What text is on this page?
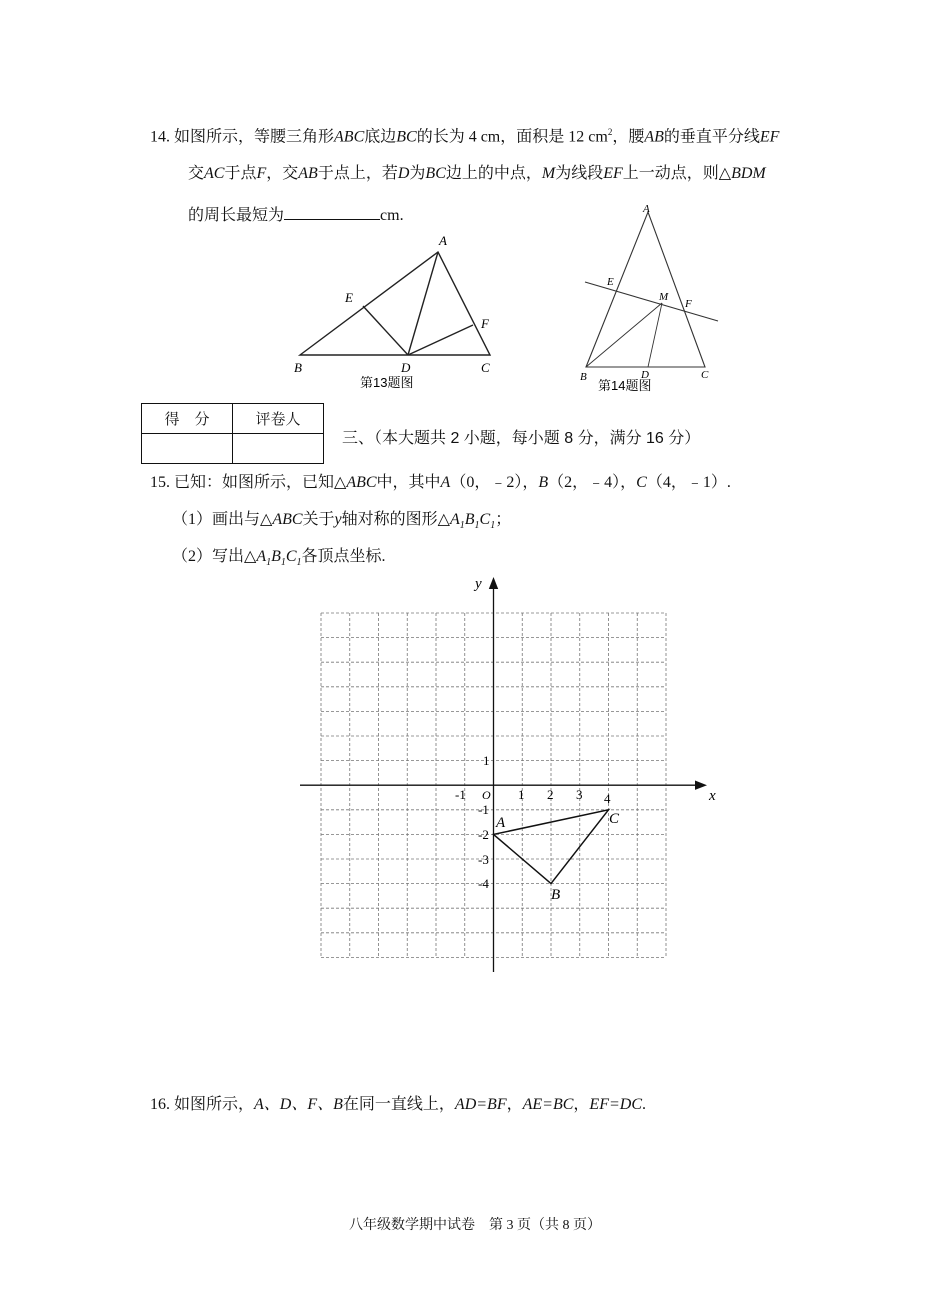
14. 如图所示，等腰三角形ABC底边BC的长为 4 cm，面积是 12 $cm^2$，腰AB的垂直平分线EF
交AC于点F，交AB于点上，若D为BC边上的中点，M为线段EF上一动点，则△BDM
的周长最短为	cm.
A
B	C
D
E
F
第13题图
A
B	C
D
E
F
M
第14题图
得　分	评卷人

三、（本大题共 2 小题，每小题 8 分，满分 16 分）
15. 已知：如图所示，已知△ABC中，其中A（0，﹣2），B（2，﹣4），C（4，﹣1）.
（1）画出与△ABC关于y轴对称的图形$\triangle A_1B_1C_1$；
（2）写出$\triangle A_1B_1C_1$各顶点坐标.
x
y
O
-1	1 2 3 4
1
-1
-2
-3
-4
A
B
C
16. 如图所示，A、D、F、B在同一直线上，AD=BF，AE=BC，EF=DC.
八年级数学期中试卷　第 3 页（共 8 页）
